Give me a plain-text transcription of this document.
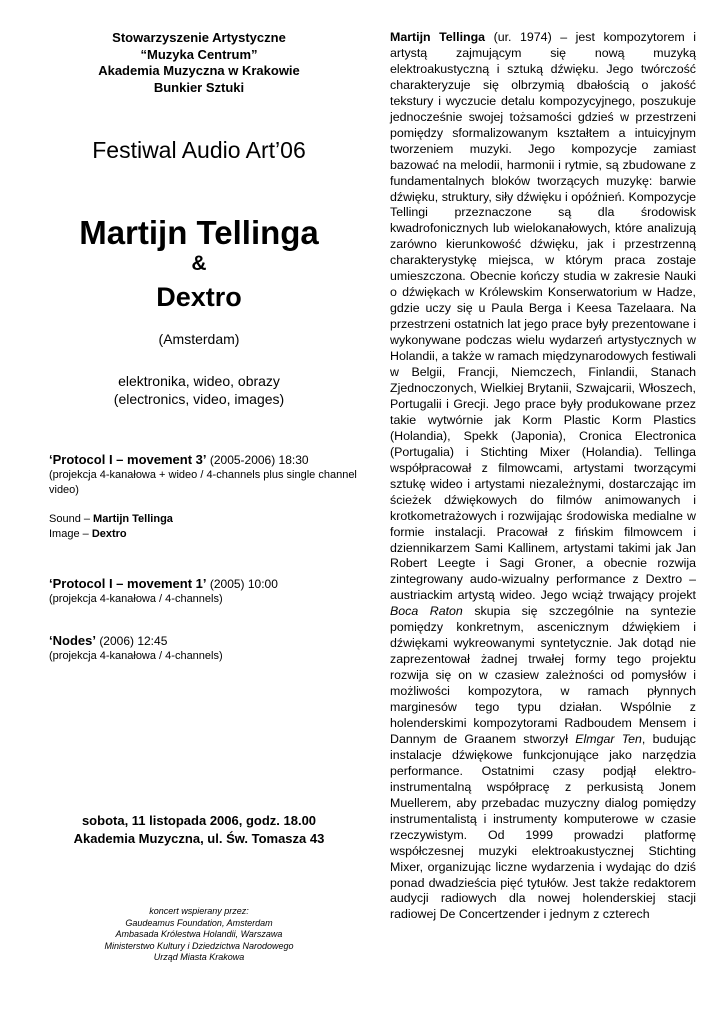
Stowarzyszenie Artystyczne
“Muzyka Centrum”
Akademia Muzyczna w Krakowie
Bunkier Sztuki
Festiwal Audio Art’06
Martijn Tellinga
&
Dextro
(Amsterdam)
elektronika, wideo, obrazy
(electronics, video, images)
‘Protocol I – movement 3’ (2005-2006) 18:30
(projekcja 4-kanałowa + wideo / 4-channels plus single channel video)
Sound – Martijn Tellinga
Image – Dextro
‘Protocol I – movement 1’ (2005) 10:00
(projekcja 4-kanałowa / 4-channels)
‘Nodes’ (2006) 12:45
(projekcja 4-kanałowa / 4-channels)
sobota, 11 listopada 2006, godz. 18.00
Akademia Muzyczna, ul. Św. Tomasza 43
koncert wspierany przez:
Gaudeamus Foundation, Amsterdam
Ambasada Królestwa Holandii, Warszawa
Ministerstwo Kultury i Dziedzictwa Narodowego
Urząd Miasta Krakowa
Martijn Tellinga (ur. 1974) – jest kompozytorem i artystą zajmującym się nową muzyką elektroakustyczną i sztuką dźwięku. Jego twórczość charakteryzuje się olbrzymią dbałością o jakość tekstury i wyczucie detalu kompozycyjnego, poszukuje jednocześnie swojej tożsamości gdzieś w przestrzeni pomiędzy sformalizowanym kształtem a intuicyjnym tworzeniem muzyki. Jego kompozycje zamiast bazować na melodii, harmonii i rytmie, są zbudowane z fundamentalnych bloków tworzących muzykę: barwie dźwięku, struktury, siły dźwięku i opóźnień. Kompozycje Tellingi przeznaczone są dla środowisk kwadrofonicznych lub wielokanałowych, które analizują zarówno kierunkowość dźwięku, jak i przestrzenną charakterystykę miejsca, w którym praca zostaje umieszczona. Obecnie kończy studia w zakresie Nauki o dźwiękach w Królewskim Konserwatorium w Hadze, gdzie uczy się u Paula Berga i Keesa Tazelaara. Na przestrzeni ostatnich lat jego prace były prezentowane i wykonywane podczas wielu wydarzeń artystycznych w Holandii, a także w ramach międzynarodowych festiwali w Belgii, Francji, Niemczech, Finlandii, Stanach Zjednoczonych, Wielkiej Brytanii, Szwajcarii, Włoszech, Portugalii i Grecji. Jego prace były produkowane przez takie wytwórnie jak Korm Plastic Korm Plastics (Holandia), Spekk (Japonia), Cronica Electronica (Portugalia) i Stichting Mixer (Holandia). Tellinga współpracował z filmowcami, artystami tworzącymi sztukę wideo i artystami niezależnymi, dostarczając im ścieżek dźwiękowych do filmów animowanych i krotkometrażowych i rozwijając środowiska medialne w formie instalacji. Pracował z fińskim filmowcem i dziennikarzem Sami Kallinem, artystami takimi jak Jan Robert Leegte i Sagi Groner, a obecnie rozwija zintegrowany audo-wizualny performance z Dextro – austriackim artystą wideo. Jego wciąż trwający projekt Boca Raton skupia się szczególnie na syntezie pomiędzy konkretnym, ascenicznym dźwiękiem i dźwiękami wykreowanymi syntetycznie. Jak dotąd nie zaprezentował żadnej trwałej formy tego projektu rozwija się on w czasiew zależności od pomysłów i możliwości kompozytora, w ramach płynnych marginesów tego typu działan. Wspólnie z holenderskimi kompozytorami Radboudem Mensem i Dannym de Graanem stworzył Elmgar Ten, budując instalacje dźwiękowe funkcjonujące jako narzędzia performance. Ostatnimi czasy podjął elektro-instrumentalną współpracę z perkusistą Jonem Muellerem, aby przebadac muzyczny dialog pomiędzy instrumentalistą i instrumenty komputerowe w czasie rzeczywistym. Od 1999 prowadzi platformę współczesnej muzyki elektroakustycznej Stichting Mixer, organizując liczne wydarzenia i wydając do dziś ponad dwadzieścia pięć tytułów. Jest także redaktorem audycji radiowych dla nowej holenderskiej stacji radiowej De Concertzender i jednym z czterech
